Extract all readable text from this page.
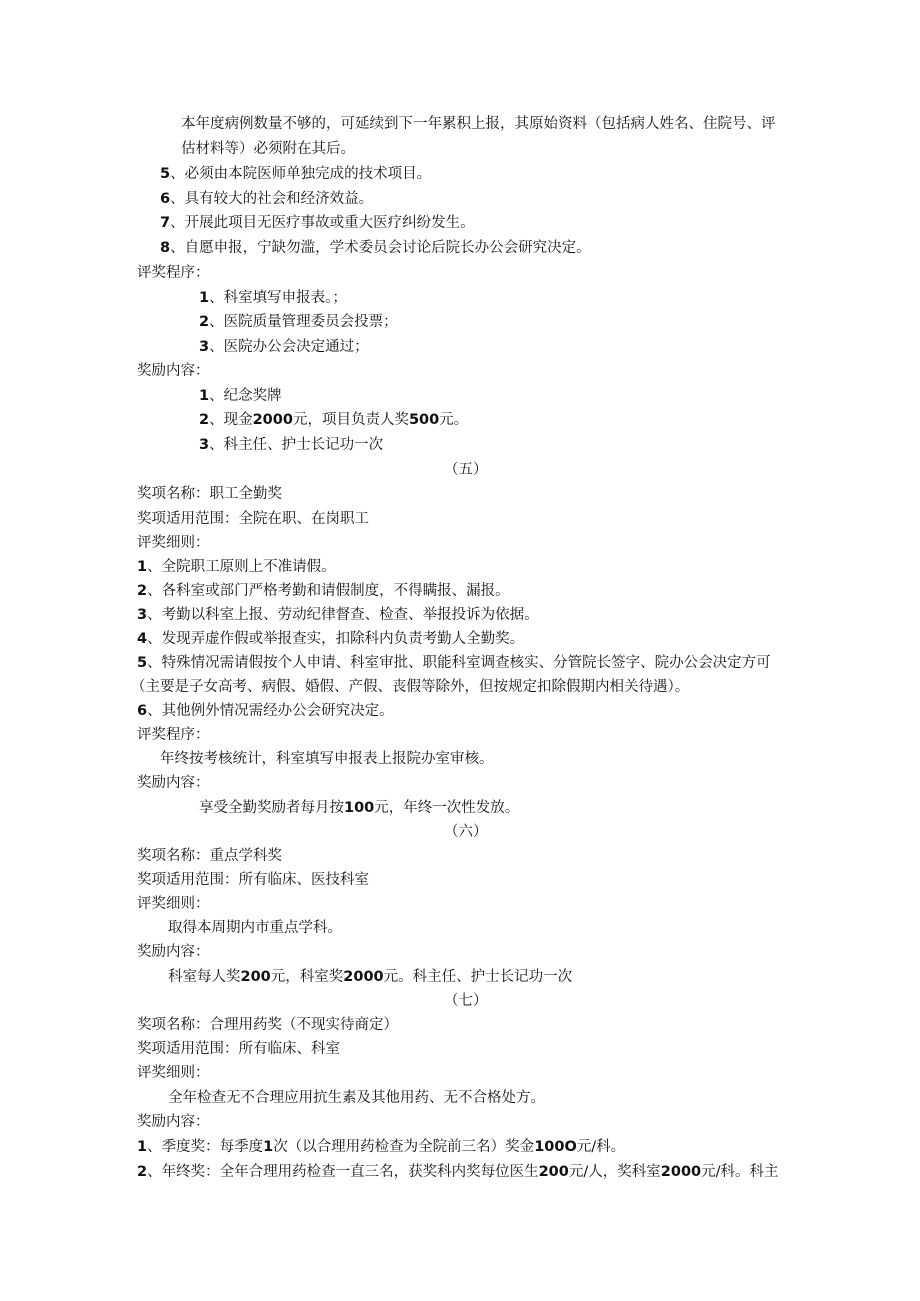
本年度病例数量不够的，可延续到下一年累积上报，其原始资料（包括病人姓名、住院号、评

估材料等）必须附在其后。

5、必须由本院医师单独完成的技术项目。

6、具有较大的社会和经济效益。

7、开展此项目无医疗事故或重大医疗纠纷发生。

8、自愿申报，宁缺勿滥，学术委员会讨论后院长办公会研究决定。

评奖程序：

1、科室填写申报表。；

2、医院质量管理委员会投票；

3、医院办公会决定通过；

奖励内容：

1、纪念奖牌

2、现金2000元，项目负责人奖500元。

3、科主任、护士长记功一次

（五）

奖项名称：职工全勤奖

奖项适用范围：全院在职、在岗职工

评奖细则：

1、全院职工原则上不准请假。

2、各科室或部门严格考勤和请假制度，不得瞒报、漏报。

3、考勤以科室上报、劳动纪律督查、检查、举报投诉为依据。

4、发现弄虚作假或举报查实，扣除科内负责考勤人全勤奖。

5、特殊情况需请假按个人申请、科室审批、职能科室调查核实、分管院长签字、院办公会决定方可

（主要是子女高考、病假、婚假、产假、丧假等除外，但按规定扣除假期内相关待遇）。

6、其他例外情况需经办公会研究决定。

评奖程序：

年终按考核统计，科室填写申报表上报院办室审核。

奖励内容：

享受全勤奖励者每月按100元，年终一次性发放。

（六）

奖项名称：重点学科奖

奖项适用范围：所有临床、医技科室

评奖细则：

取得本周期内市重点学科。

奖励内容：

科室每人奖200元，科室奖2000元。科主任、护士长记功一次

（七）

奖项名称：合理用药奖（不现实待商定）

奖项适用范围：所有临床、科室

评奖细则：

全年检查无不合理应用抗生素及其他用药、无不合格处方。

奖励内容：

1、季度奖：每季度1次（以合理用药检查为全院前三名）奖金100O元/科。

2、年终奖：全年合理用药检查一直三名，获奖科内奖每位医生200元/人，奖科室2000元/科。科主
